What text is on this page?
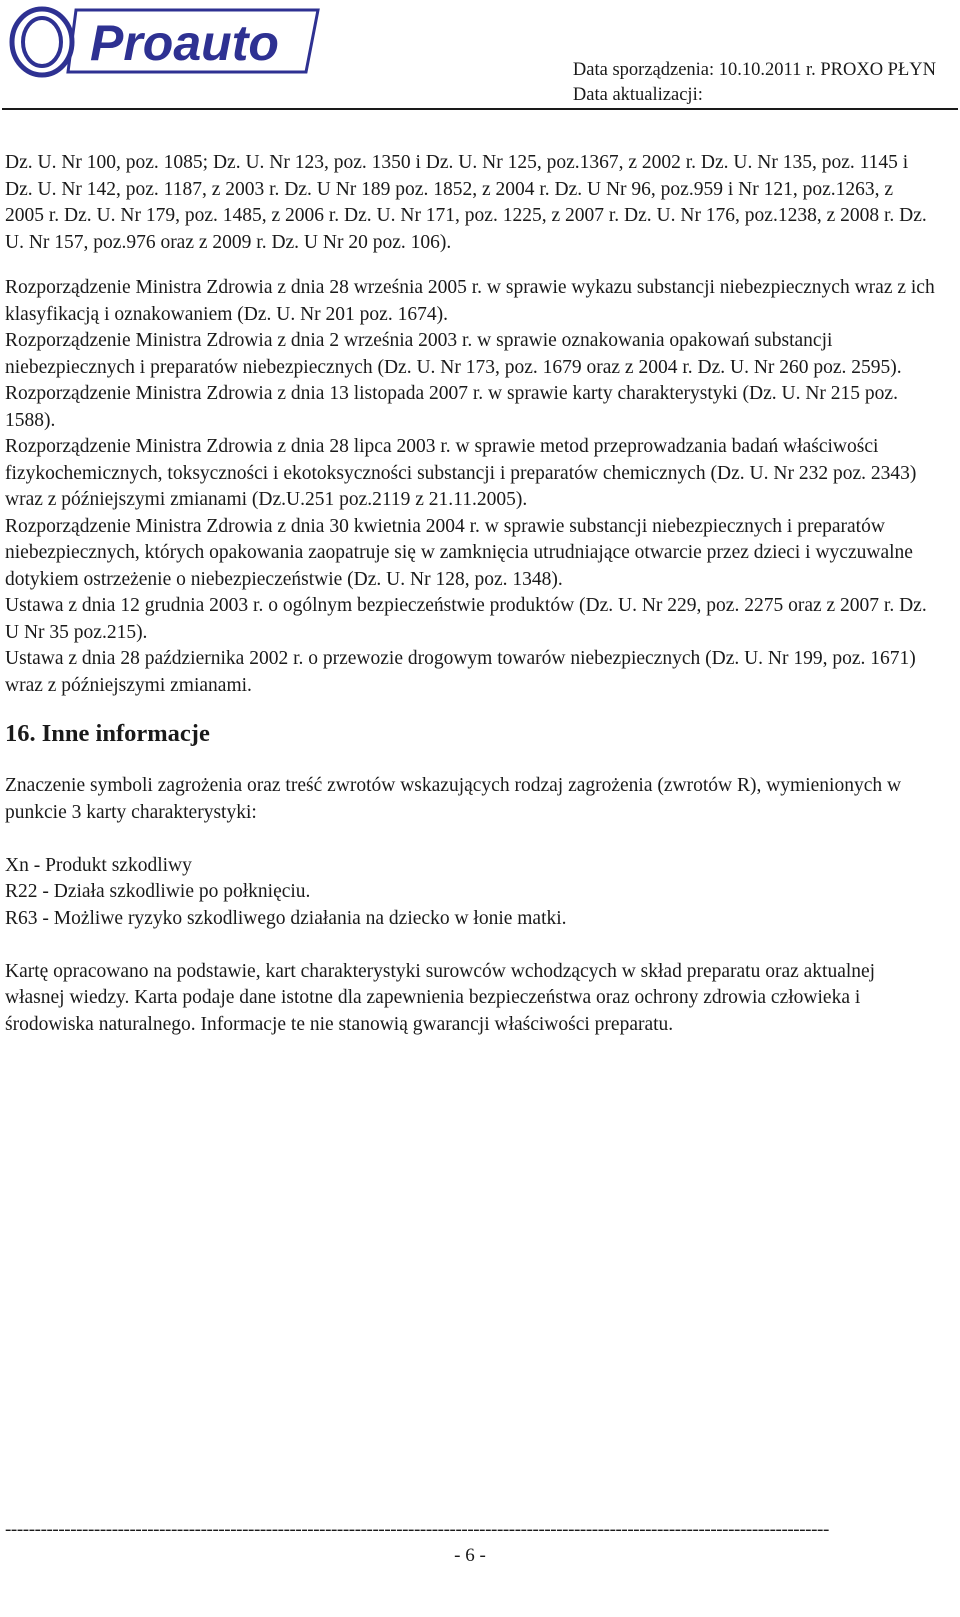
Proauto	Data sporządzenia: 10.10.2011 r. PROXO PŁYN
Data aktualizacji:

Dz. U. Nr 100, poz. 1085; Dz. U. Nr 123, poz. 1350 i Dz. U. Nr 125, poz.1367, z 2002 r. Dz. U. Nr 135, poz. 1145 i Dz. U. Nr 142, poz. 1187, z 2003 r. Dz. U Nr 189 poz. 1852, z 2004 r. Dz. U Nr 96, poz.959 i Nr 121, poz.1263, z 2005 r. Dz. U. Nr 179, poz. 1485, z 2006 r. Dz. U. Nr 171, poz. 1225, z 2007 r. Dz. U. Nr 176, poz.1238, z 2008 r. Dz. U. Nr 157, poz.976 oraz z 2009 r. Dz. U Nr 20 poz. 106).

Rozporządzenie Ministra Zdrowia z dnia 28 września 2005 r. w sprawie wykazu substancji niebezpiecznych wraz z ich klasyfikacją i oznakowaniem (Dz. U. Nr 201 poz. 1674).

Rozporządzenie Ministra Zdrowia z dnia 2 września 2003 r. w sprawie oznakowania opakowań substancji niebezpiecznych i preparatów niebezpiecznych (Dz. U. Nr 173, poz. 1679 oraz z 2004 r. Dz. U. Nr 260 poz. 2595).

Rozporządzenie Ministra Zdrowia z dnia 13 listopada 2007 r. w sprawie karty charakterystyki (Dz. U. Nr 215 poz. 1588).

Rozporządzenie Ministra Zdrowia z dnia 28 lipca 2003 r. w sprawie metod przeprowadzania badań właściwości fizykochemicznych, toksyczności i ekotoksyczności substancji i preparatów chemicznych (Dz. U. Nr 232 poz. 2343) wraz z późniejszymi zmianami (Dz.U.251 poz.2119 z 21.11.2005).

Rozporządzenie Ministra Zdrowia z dnia 30 kwietnia 2004 r. w sprawie substancji niebezpiecznych i preparatów niebezpiecznych, których opakowania zaopatruje się w zamknięcia utrudniające otwarcie przez dzieci i wyczuwalne dotykiem ostrzeżenie o niebezpieczeństwie (Dz. U. Nr 128, poz. 1348).

Ustawa z dnia 12 grudnia 2003 r. o ogólnym bezpieczeństwie produktów (Dz. U. Nr 229, poz. 2275 oraz z 2007 r. Dz. U Nr 35 poz.215).

Ustawa z dnia 28 października 2002 r. o przewozie drogowym towarów niebezpiecznych (Dz. U. Nr 199, poz. 1671) wraz z późniejszymi zmianami.

16. Inne informacje

Znaczenie symboli zagrożenia oraz treść zwrotów wskazujących rodzaj zagrożenia (zwrotów R), wymienionych w punkcie 3 karty charakterystyki:

Xn - Produkt szkodliwy

R22 - Działa szkodliwie po połknięciu.

R63 - Możliwe ryzyko szkodliwego działania na dziecko w łonie matki.

Kartę opracowano na podstawie, kart charakterystyki surowców wchodzących w skład preparatu oraz aktualnej własnej wiedzy. Karta podaje dane istotne dla zapewnienia bezpieczeństwa oraz ochrony zdrowia człowieka i środowiska naturalnego. Informacje te nie stanowią gwarancji właściwości preparatu.

-------------------------------------------------------------------------------------------------------------------------------------------
- 6 -
